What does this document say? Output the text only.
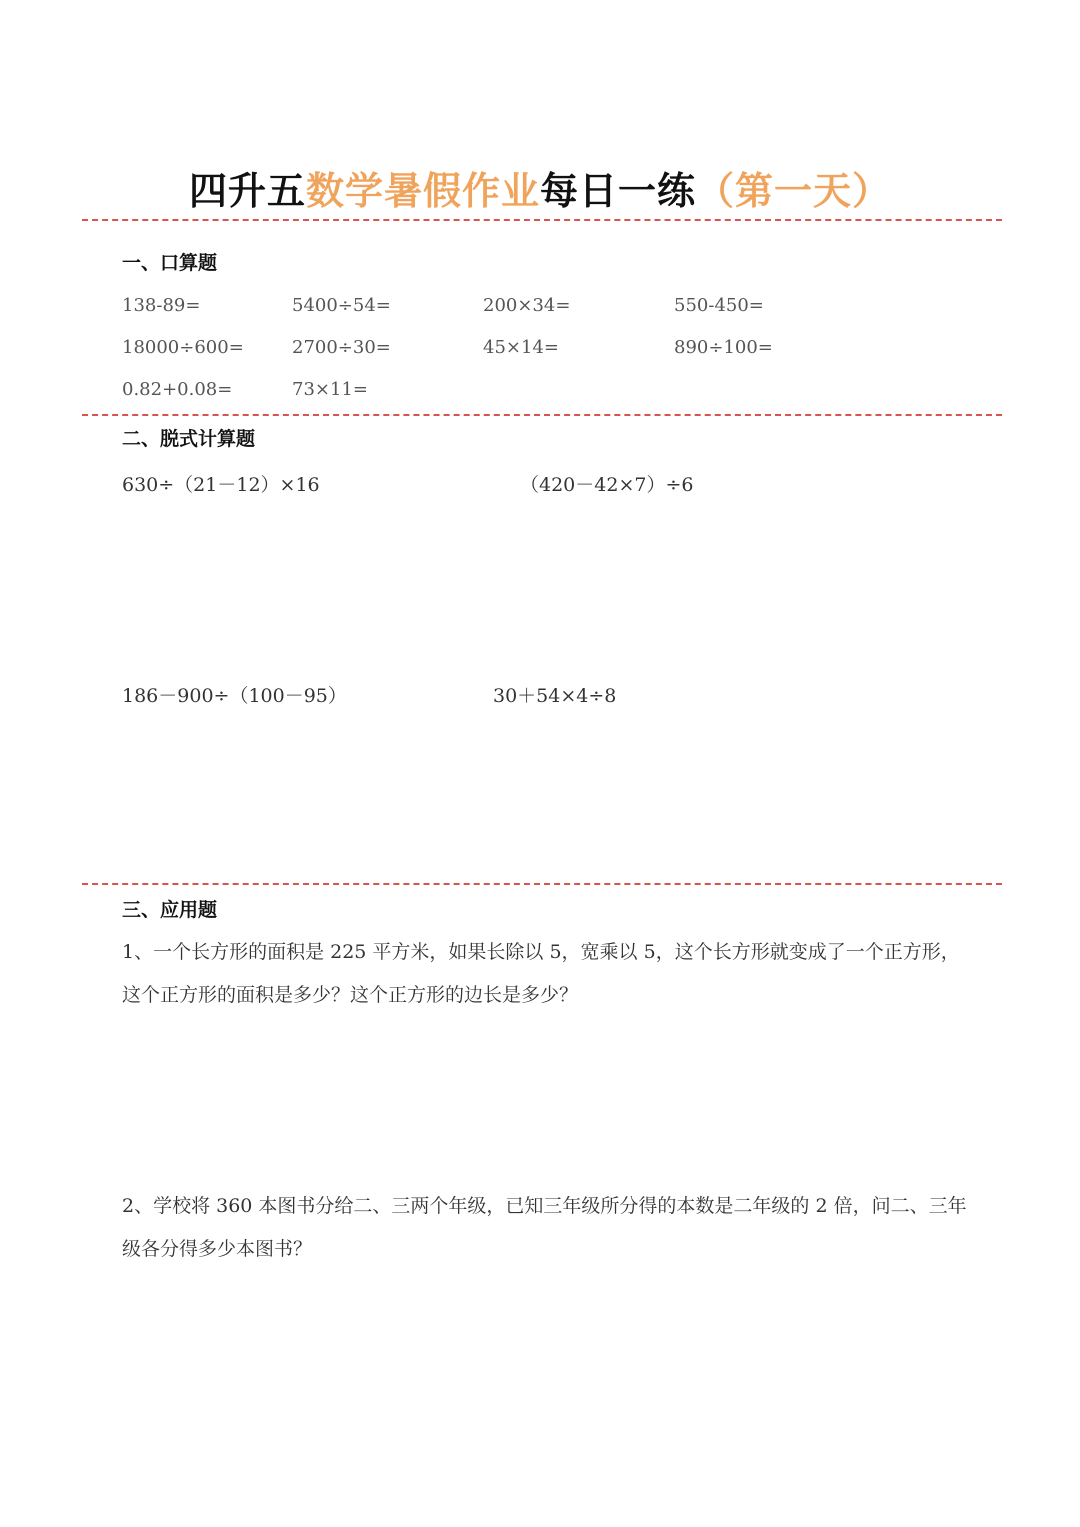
四升五数学暑假作业每日一练（第一天）
一、口算题
138-89=	5400÷54=	200×34=	550-450=
18000÷600=	2700÷30=	45×14=	890÷100=
0.82+0.08=	73×11=
二、脱式计算题
630÷（21－12）×16	（420－42×7）÷6
186－900÷（100－95）	30＋54×4÷8
三、应用题
1、一个长方形的面积是 225 平方米，如果长除以 5，宽乘以 5，这个长方形就变成了一个正方形，这个正方形的面积是多少？这个正方形的边长是多少？
2、学校将 360 本图书分给二、三两个年级，已知三年级所分得的本数是二年级的 2 倍，问二、三年级各分得多少本图书？
